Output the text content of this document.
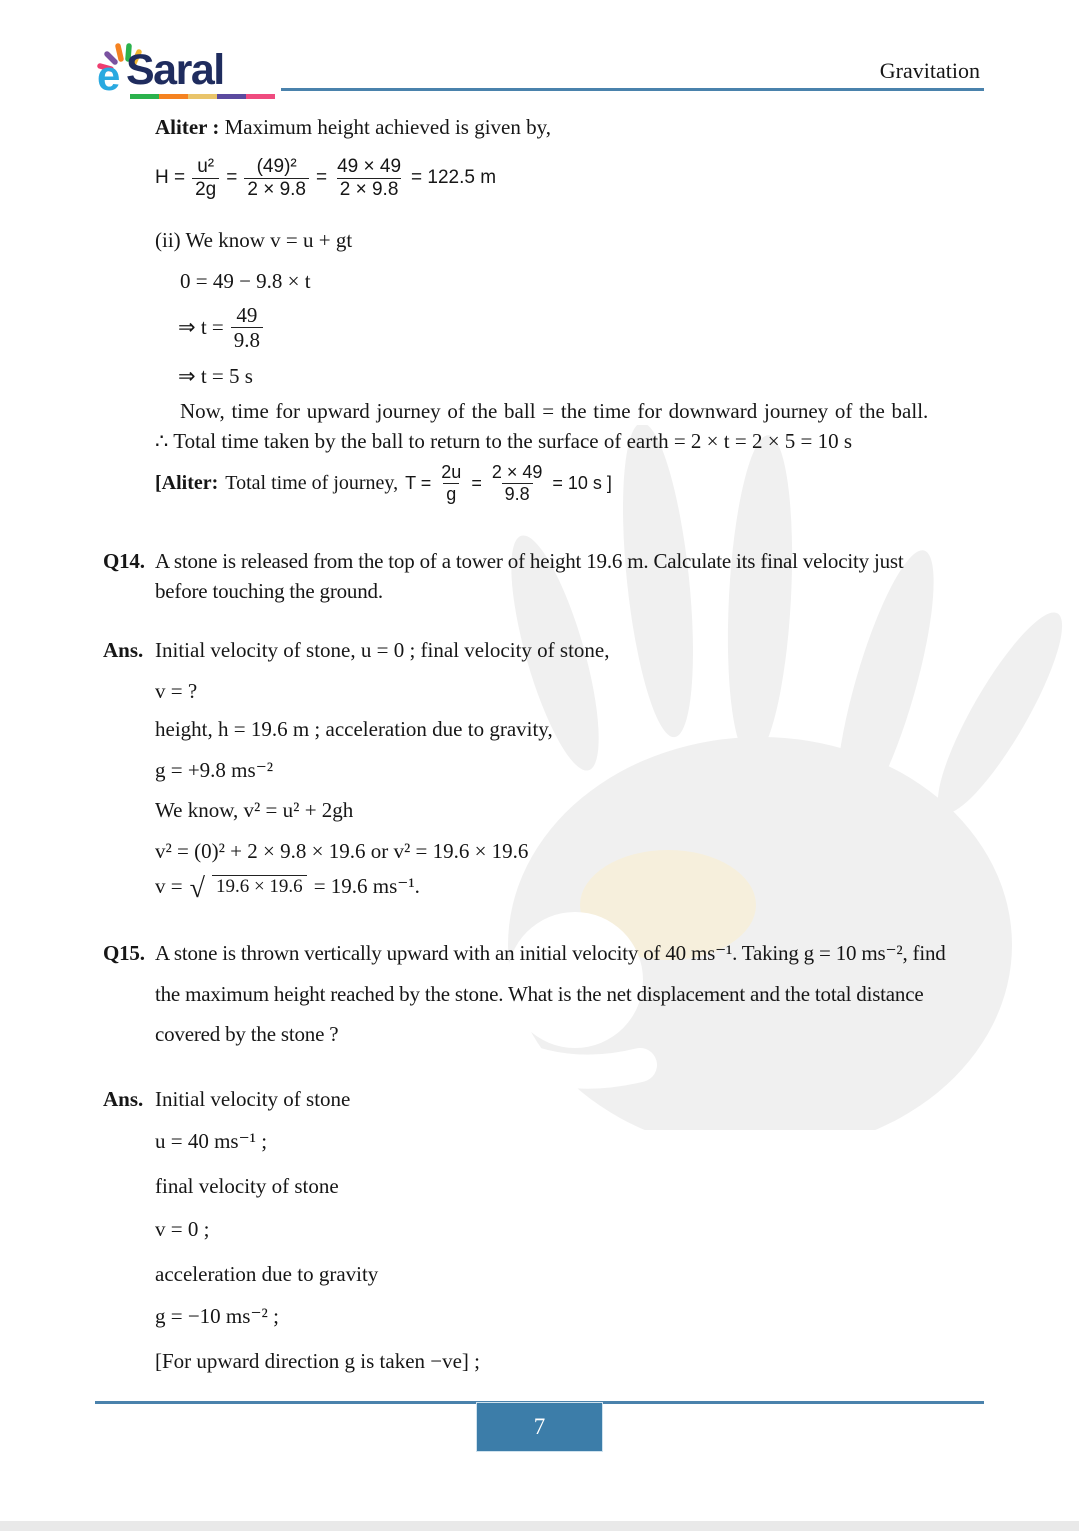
e Saral	Gravitation
Aliter : Maximum height achieved is given by,
$H = \frac{\text{u²}}{2g} = \frac{\text{(49)²}}{2 \times 9.8} = \frac{49 \times 49}{2 \times 9.8} = 122.5$ m
(ii) We know v = u + gt
0 = 49 − 9.8 × t
⇒ $t = \frac{49}{9.8}$
⇒ t = 5 s
Now, time for upward journey of the ball = the time for downward journey of the ball.
∴ Total time taken by the ball to return to the surface of earth = 2 × t = 2 × 5 = 10 s
[Aliter: Total time of journey, $T = \frac{2u}{g} = \frac{2 \times 49}{9.8} = 10$ s ]
Q14. A stone is released from the top of a tower of height 19.6 m. Calculate its final velocity just
before touching the ground.
Ans. Initial velocity of stone, u = 0 ; final velocity of stone,
v = ?
height, h = 19.6 m ; acceleration due to gravity,
g = +9.8 ms⁻²
We know, v² = u² + 2gh
v² = (0)² + 2 × 9.8 × 19.6 or v² = 19.6 × 19.6
v = √ 19.6 × 19.6 = 19.6 ms⁻¹.
Q15. A stone is thrown vertically upward with an initial velocity of 40 ms⁻¹. Taking g = 10 ms⁻², find
the maximum height reached by the stone. What is the net displacement and the total distance
covered by the stone ?
Ans. Initial velocity of stone
u = 40 ms⁻¹ ;
final velocity of stone
v = 0 ;
acceleration due to gravity
g = −10 ms⁻² ;
[For upward direction g is taken −ve] ;
7
